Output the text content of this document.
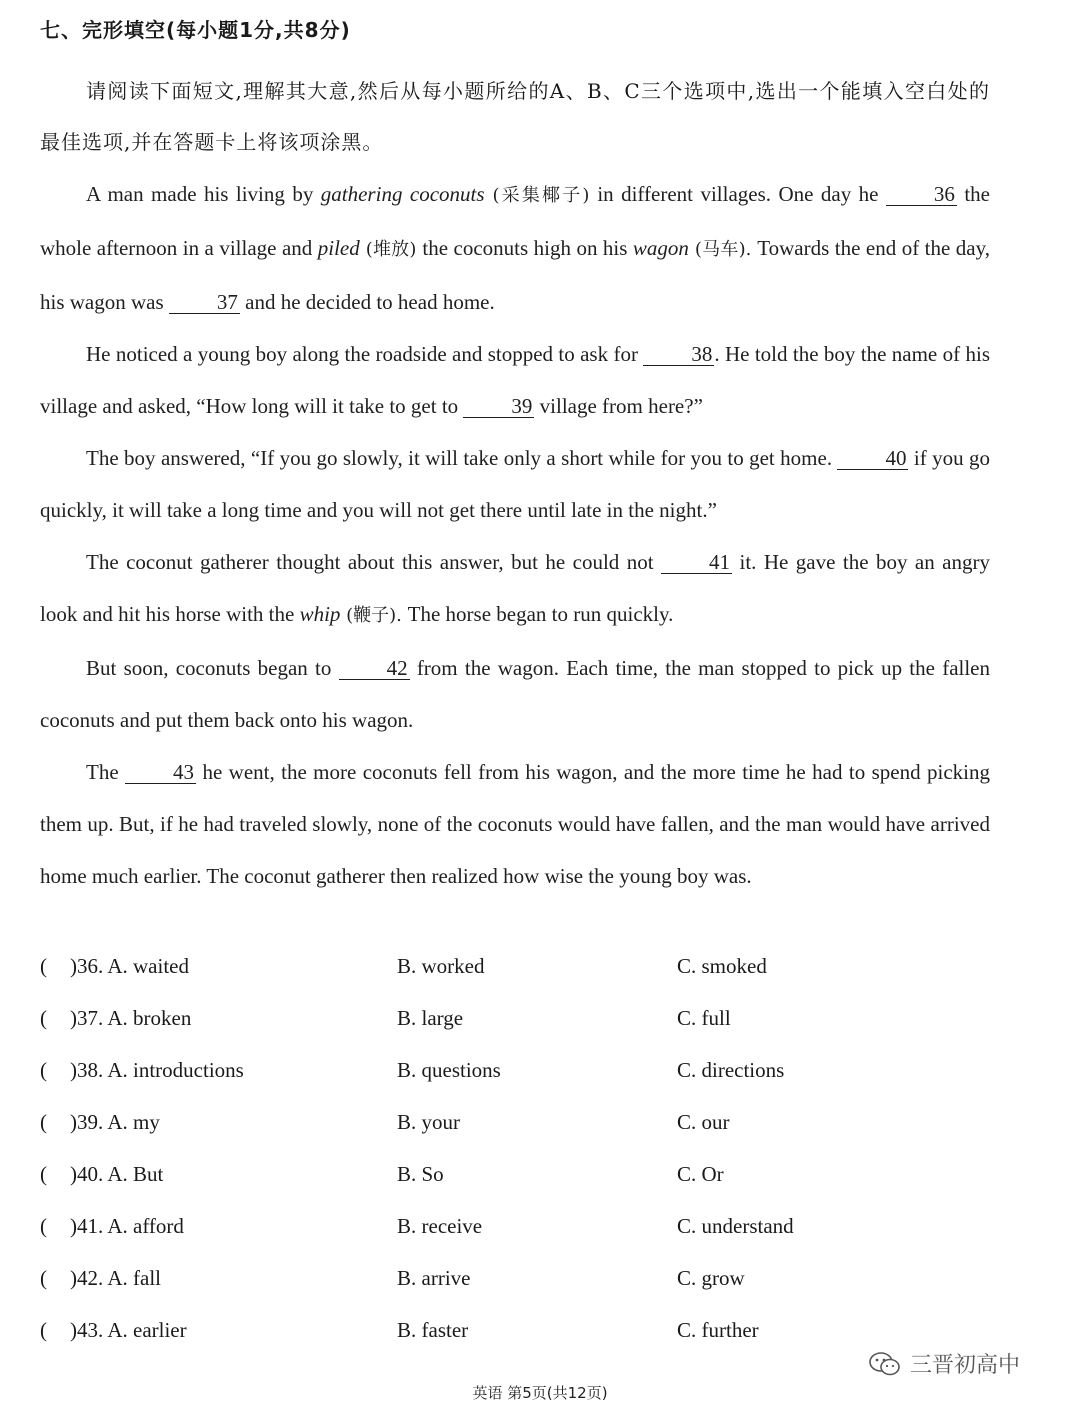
七、完形填空(每小题1分,共8分)
请阅读下面短文,理解其大意,然后从每小题所给的A、B、C三个选项中,选出一个能填入空白处的最佳选项,并在答题卡上将该项涂黑。

A man made his living by gathering coconuts (采集椰子) in different villages. One day he 36 the whole afternoon in a village and piled (堆放) the coconuts high on his wagon (马车). Towards the end of the day, his wagon was 37 and he decided to head home.

He noticed a young boy along the roadside and stopped to ask for 38. He told the boy the name of his village and asked, “How long will it take to get to 39 village from here?”

The boy answered, “If you go slowly, it will take only a short while for you to get home. 40 if you go quickly, it will take a long time and you will not get there until late in the night.”

The coconut gatherer thought about this answer, but he could not 41 it. He gave the boy an angry look and hit his horse with the whip (鞭子). The horse began to run quickly.

But soon, coconuts began to 42 from the wagon. Each time, the man stopped to pick up the fallen coconuts and put them back onto his wagon.

The 43 he went, the more coconuts fell from his wagon, and the more time he had to spend picking them up. But, if he had traveled slowly, none of the coconuts would have fallen, and the man would have arrived home much earlier. The coconut gatherer then realized how wise the young boy was.

( )36. A. waited	B. worked	C. smoked
( )37. A. broken	B. large	C. full
( )38. A. introductions	B. questions	C. directions
( )39. A. my	B. your	C. our
( )40. A. But	B. So	C. Or
( )41. A. afford	B. receive	C. understand
( )42. A. fall	B. arrive	C. grow
( )43. A. earlier	B. faster	C. further
三晋初高中
英语 第5页(共12页)
